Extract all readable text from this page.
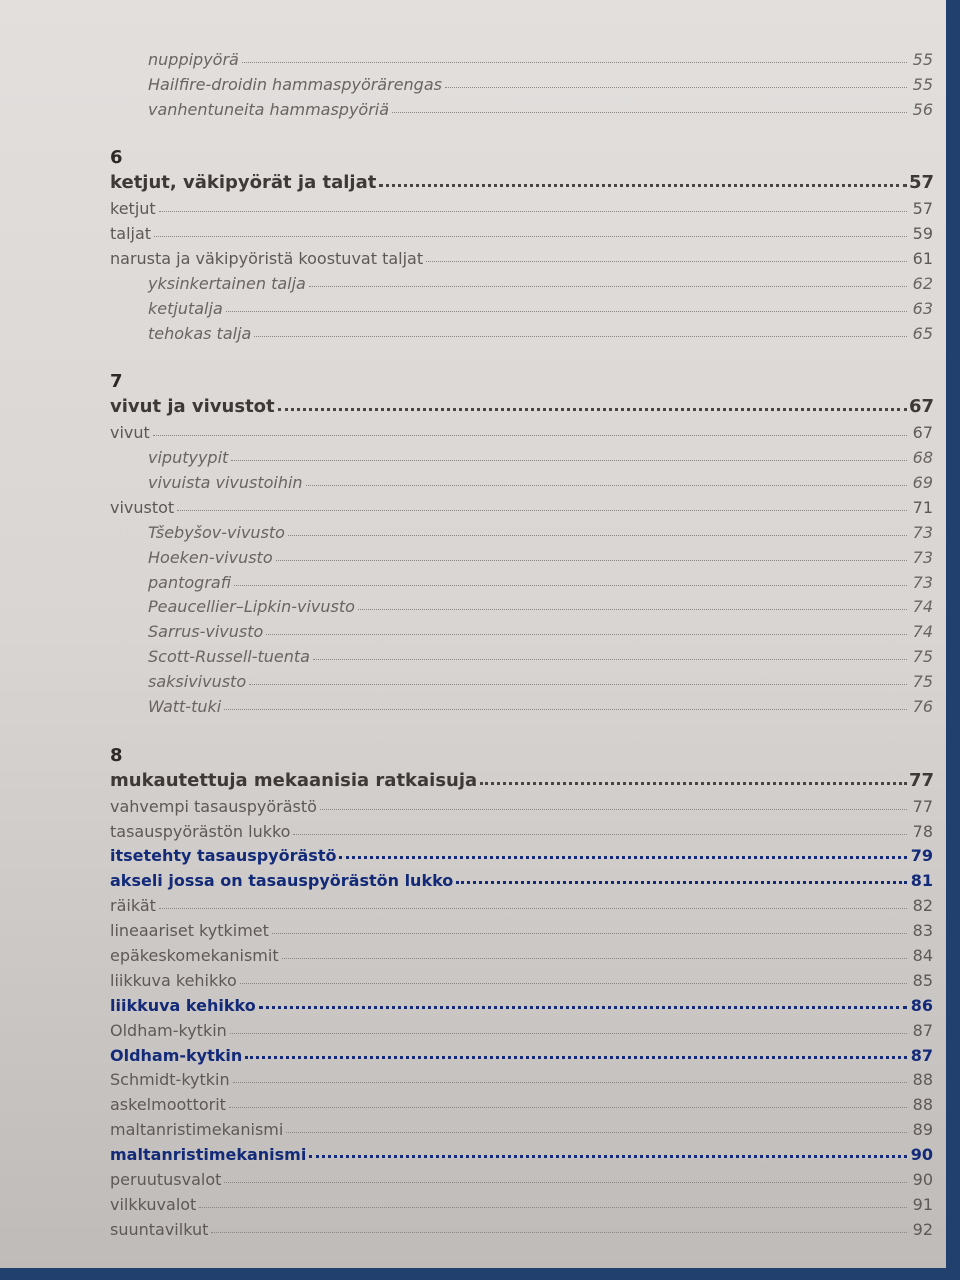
nuppipyörä	55
Hailfire-droidin hammaspyörärengas	55
vanhentuneita hammaspyöriä	56
6
ketjut, väkipyörät ja taljat	57
ketjut	57
taljat	59
narusta ja väkipyöristä koostuvat taljat	61
yksinkertainen talja	62
ketjutalja	63
tehokas talja	65
7
vivut ja vivustot	67
vivut	67
viputyypit	68
vivuista vivustoihin	69
vivustot	71
Tšebyšov-vivusto	73
Hoeken-vivusto	73
pantografi	73
Peaucellier–Lipkin-vivusto	74
Sarrus-vivusto	74
Scott-Russell-tuenta	75
saksivivusto	75
Watt-tuki	76
8
mukautettuja mekaanisia ratkaisuja	77
vahvempi tasauspyörästö	77
tasauspyörästön lukko	78
itsetehty tasauspyörästö	79
akseli jossa on tasauspyörästön lukko	81
räikät	82
lineaariset kytkimet	83
epäkeskomekanismit	84
liikkuva kehikko	85
liikkuva kehikko	86
Oldham-kytkin	87
Oldham-kytkin	87
Schmidt-kytkin	88
askelmoottorit	88
maltanristimekanismi	89
maltanristimekanismi	90
peruutusvalot	90
vilkkuvalot	91
suuntavilkut	92
